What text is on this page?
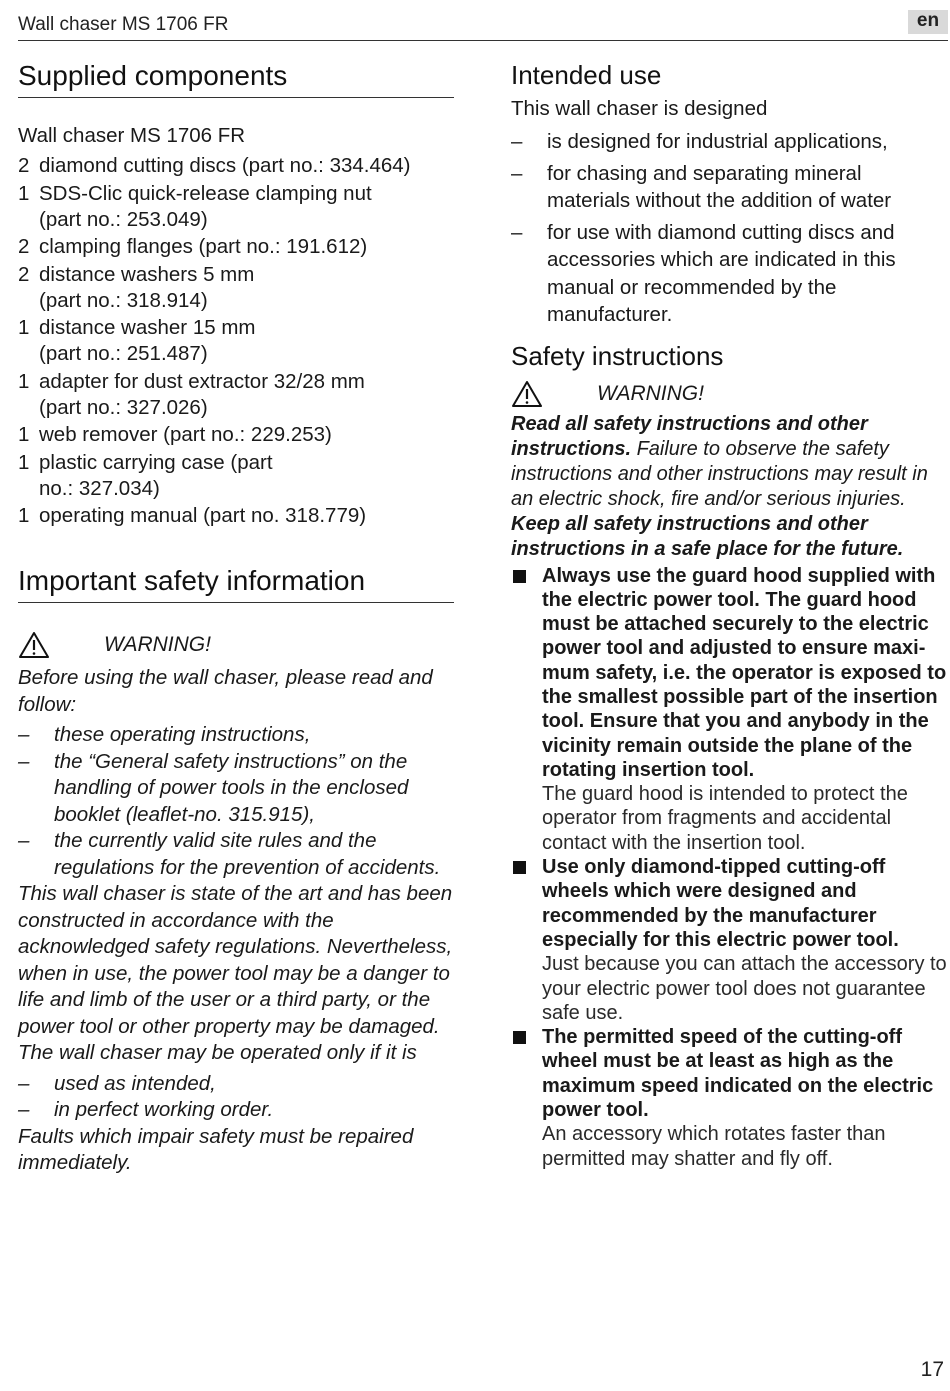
Wall chaser MS 1706 FR	en
Supplied components

Wall chaser MS 1706 FR

2 diamond cutting discs (part no.: 334.464)
1 SDS-Clic quick-release clamping nut (part no.: 253.049)
2 clamping flanges (part no.: 191.612)
2 distance washers 5 mm (part no.: 318.914)
1 distance washer 15 mm (part no.: 251.487)
1 adapter for dust extractor 32/28 mm (part no.: 327.026)
1 web remover (part no.: 229.253)
1 plastic carrying case (part no.: 327.034)
1 operating manual (part no. 318.779)
Important safety information
WARNING!

Before using the wall chaser, please read and follow:

–	these operating instructions,
–	the “General safety instructions” on the handling of power tools in the enclosed booklet (leaflet-no. 315.915),
–	the currently valid site rules and the regulations for the prevention of accidents.

This wall chaser is state of the art and has been constructed in accordance with the acknowledged safety regulations. Nevertheless, when in use, the power tool may be a danger to life and limb of the user or a third party, or the power tool or other property may be damaged. The wall chaser may be operated only if it is

–	used as intended,
–	in perfect working order.

Faults which impair safety must be repaired immediately.

Intended use

This wall chaser is designed

–	is designed for industrial applications,
–	for chasing and separating mineral materials without the addition of water
–	for use with diamond cutting discs and accessories which are indicated in this manual or recommended by the manufacturer.
Safety instructions
WARNING!

Read all safety instructions and other instructions. Failure to observe the safety instructions and other instructions may result in an electric shock, fire and/or serious injuries.

Keep all safety instructions and other instructions in a safe place for the future.

Always use the guard hood supplied with the electric power tool. The guard hood must be attached securely to the electric power tool and adjusted to ensure maximum safety, i.e. the operator is exposed to the smallest possible part of the insertion tool. Ensure that you and anybody in the vicinity remain outside the plane of the rotating insertion tool.
The guard hood is intended to protect the operator from fragments and accidental contact with the insertion tool.
Use only diamond-tipped cutting-off wheels which were designed and recommended by the manufacturer especially for this electric power tool.
Just because you can attach the accessory to your electric power tool does not guarantee safe use.
The permitted speed of the cutting-off wheel must be at least as high as the maximum speed indicated on the electric power tool.
An accessory which rotates faster than permitted may shatter and fly off.
17
